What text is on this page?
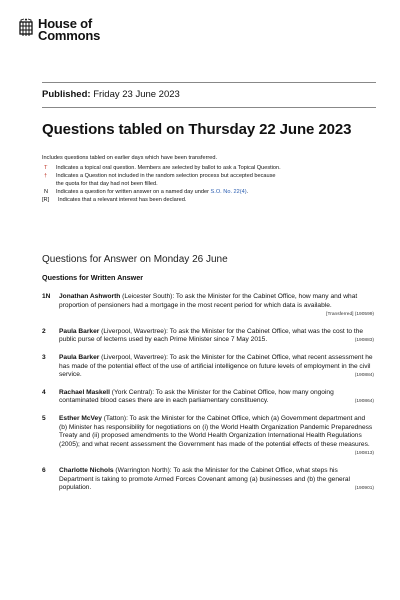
House of
Commons
Published: Friday 23 June 2023
Questions tabled on Thursday 22 June 2023
Includes questions tabled on earlier days which have been transferred.
T	Indicates a topical oral question. Members are selected by ballot to ask a Topical Question.
†	Indicates a Question not included in the random selection process but accepted because the quota for that day had not been filled.
N	Indicates a question for written answer on a named day under S.O. No. 22(4).
[R]	Indicates that a relevant interest has been declared.
Questions for Answer on Monday 26 June
Questions for Written Answer
1N	Jonathan Ashworth (Leicester South): To ask the Minister for the Cabinet Office, how many and what proportion of pensioners had a mortgage in the most recent period for which data is available.
[Transferred] (190599)
2	Paula Barker (Liverpool, Wavertree): To ask the Minister for the Cabinet Office, what was the cost to the public purse of lecterns used by each Prime Minister since 7 May 2015.	(190883)
3	Paula Barker (Liverpool, Wavertree): To ask the Minister for the Cabinet Office, what recent assessment he has made of the potential effect of the use of artificial intelligence on future levels of employment in the civil service.	(190884)
4	Rachael Maskell (York Central): To ask the Minister for the Cabinet Office, how many ongoing contaminated blood cases there are in each parliamentary constituency.	(190864)
5	Esther McVey (Tatton): To ask the Minister for the Cabinet Office, which (a) Government department and (b) Minister has responsibility for negotiations on (i) the World Health Organization Pandemic Preparedness Treaty and (ii) proposed amendments to the World Health Organization International Health Regulations (2005); and what recent assessment the Government has made of the potential effects of these measures.
(190813)
6	Charlotte Nichols (Warrington North): To ask the Minister for the Cabinet Office, what steps his Department is taking to promote Armed Forces Covenant among (a) businesses and (b) the general population.	(190901)
